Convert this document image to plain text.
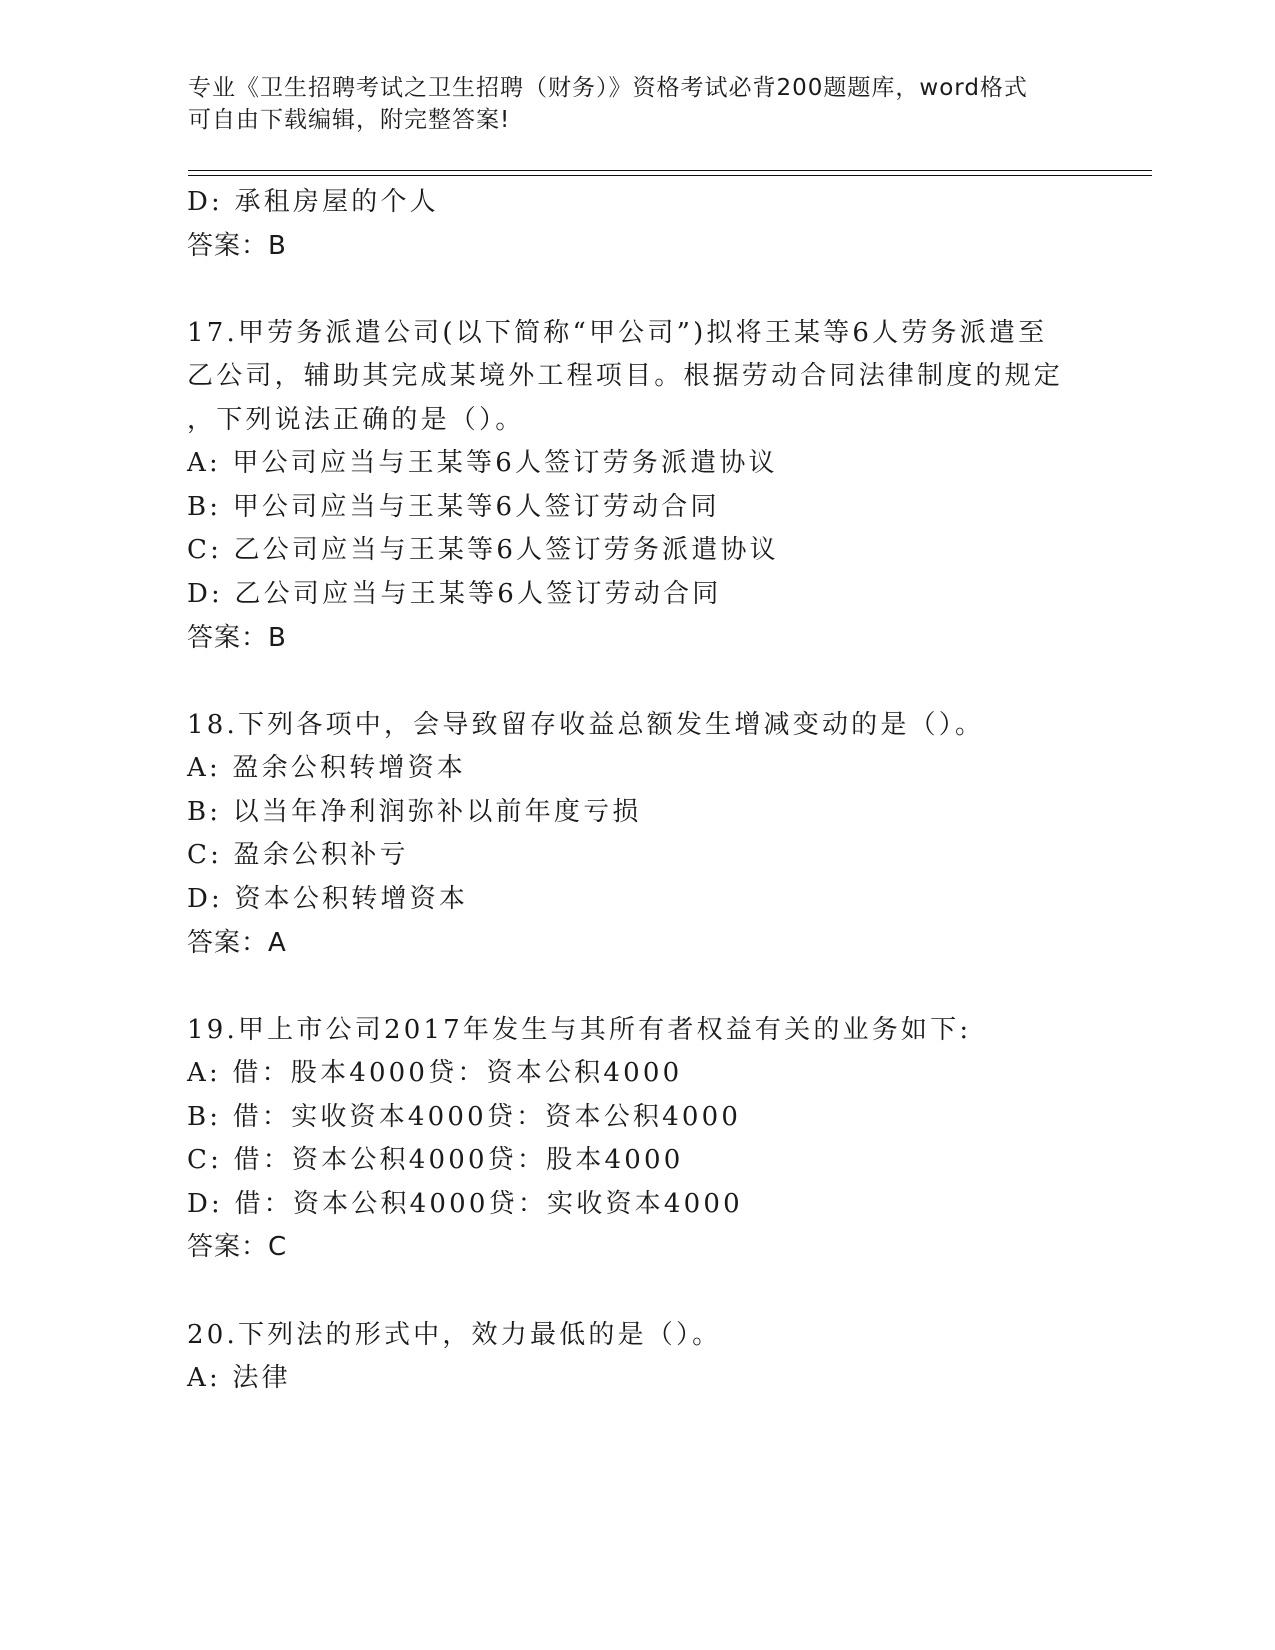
专业《卫生招聘考试之卫生招聘（财务）》资格考试必背200题题库，word格式
可自由下载编辑，附完整答案!
D: 承租房屋的个人
答案：B
17.甲劳务派遣公司(以下简称“甲公司”)拟将王某等6人劳务派遣至
乙公司，辅助其完成某境外工程项目。根据劳动合同法律制度的规定
，下列说法正确的是（）。
A: 甲公司应当与王某等6人签订劳务派遣协议
B: 甲公司应当与王某等6人签订劳动合同
C: 乙公司应当与王某等6人签订劳务派遣协议
D: 乙公司应当与王某等6人签订劳动合同
答案：B
18.下列各项中，会导致留存收益总额发生增减变动的是（）。
A: 盈余公积转增资本
B: 以当年净利润弥补以前年度亏损
C: 盈余公积补亏
D: 资本公积转增资本
答案：A
19.甲上市公司2017年发生与其所有者权益有关的业务如下:
A: 借：股本4000贷：资本公积4000
B: 借：实收资本4000贷：资本公积4000
C: 借：资本公积4000贷：股本4000
D: 借：资本公积4000贷：实收资本4000
答案：C
20.下列法的形式中，效力最低的是（）。
A: 法律
